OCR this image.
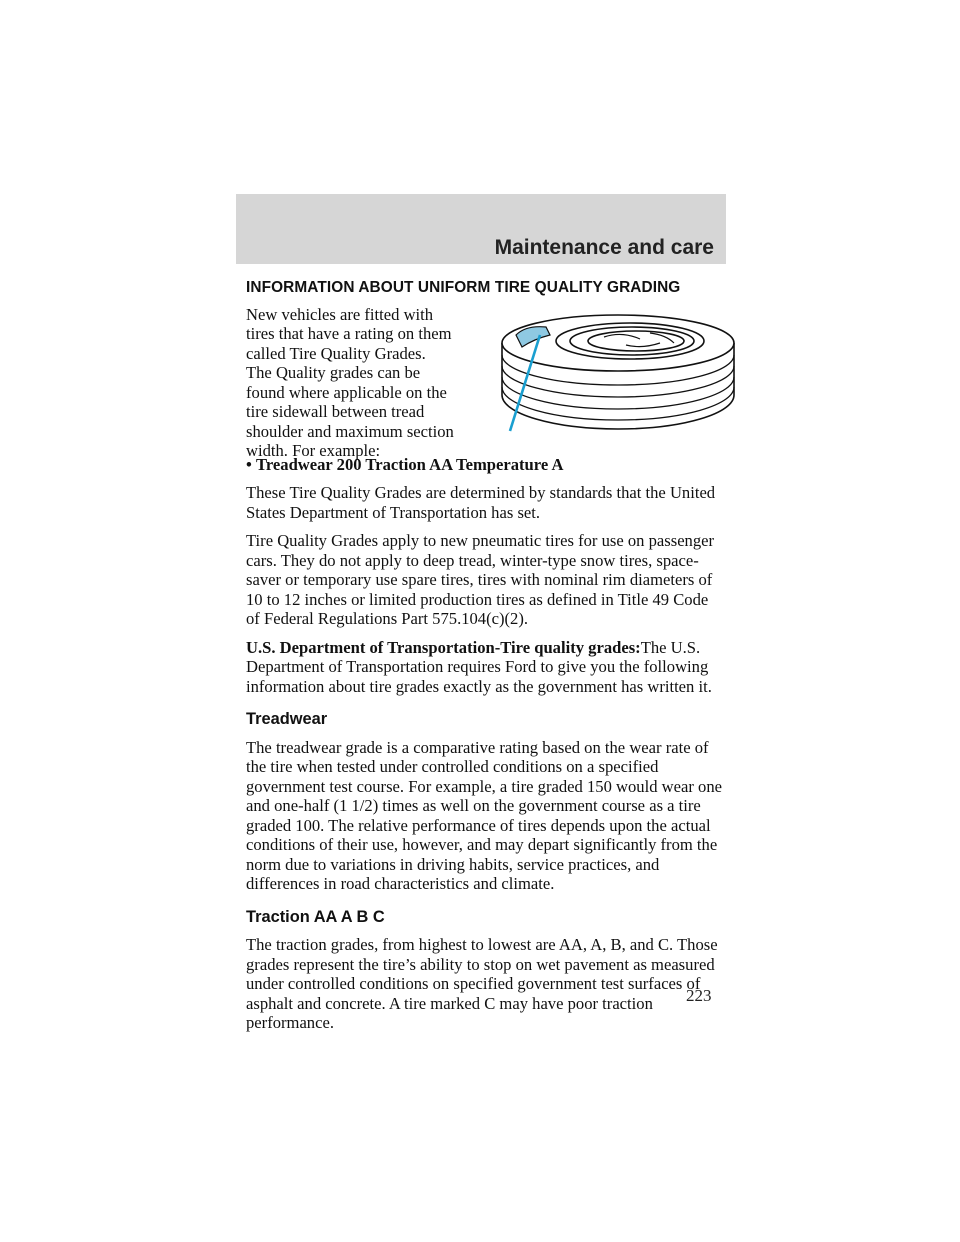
Maintenance and care
INFORMATION ABOUT UNIFORM TIRE QUALITY GRADING

New vehicles are fitted with tires that have a rating on them called Tire Quality Grades. The Quality grades can be found where applicable on the tire sidewall between tread shoulder and maximum section width. For example:

• Treadwear 200 Traction AA Temperature A

These Tire Quality Grades are determined by standards that the United States Department of Transportation has set.

Tire Quality Grades apply to new pneumatic tires for use on passenger cars. They do not apply to deep tread, winter-type snow tires, space-saver or temporary use spare tires, tires with nominal rim diameters of 10 to 12 inches or limited production tires as defined in Title 49 Code of Federal Regulations Part 575.104(c)(2).

U.S. Department of Transportation-Tire quality grades:The U.S. Department of Transportation requires Ford to give you the following information about tire grades exactly as the government has written it.

Treadwear

The treadwear grade is a comparative rating based on the wear rate of the tire when tested under controlled conditions on a specified government test course. For example, a tire graded 150 would wear one and one-half (1 1/2) times as well on the government course as a tire graded 100. The relative performance of tires depends upon the actual conditions of their use, however, and may depart significantly from the norm due to variations in driving habits, service practices, and differences in road characteristics and climate.

Traction AA A B C

The traction grades, from highest to lowest are AA, A, B, and C. Those grades represent the tire’s ability to stop on wet pavement as measured under controlled conditions on specified government test surfaces of asphalt and concrete. A tire marked C may have poor traction performance.

223
